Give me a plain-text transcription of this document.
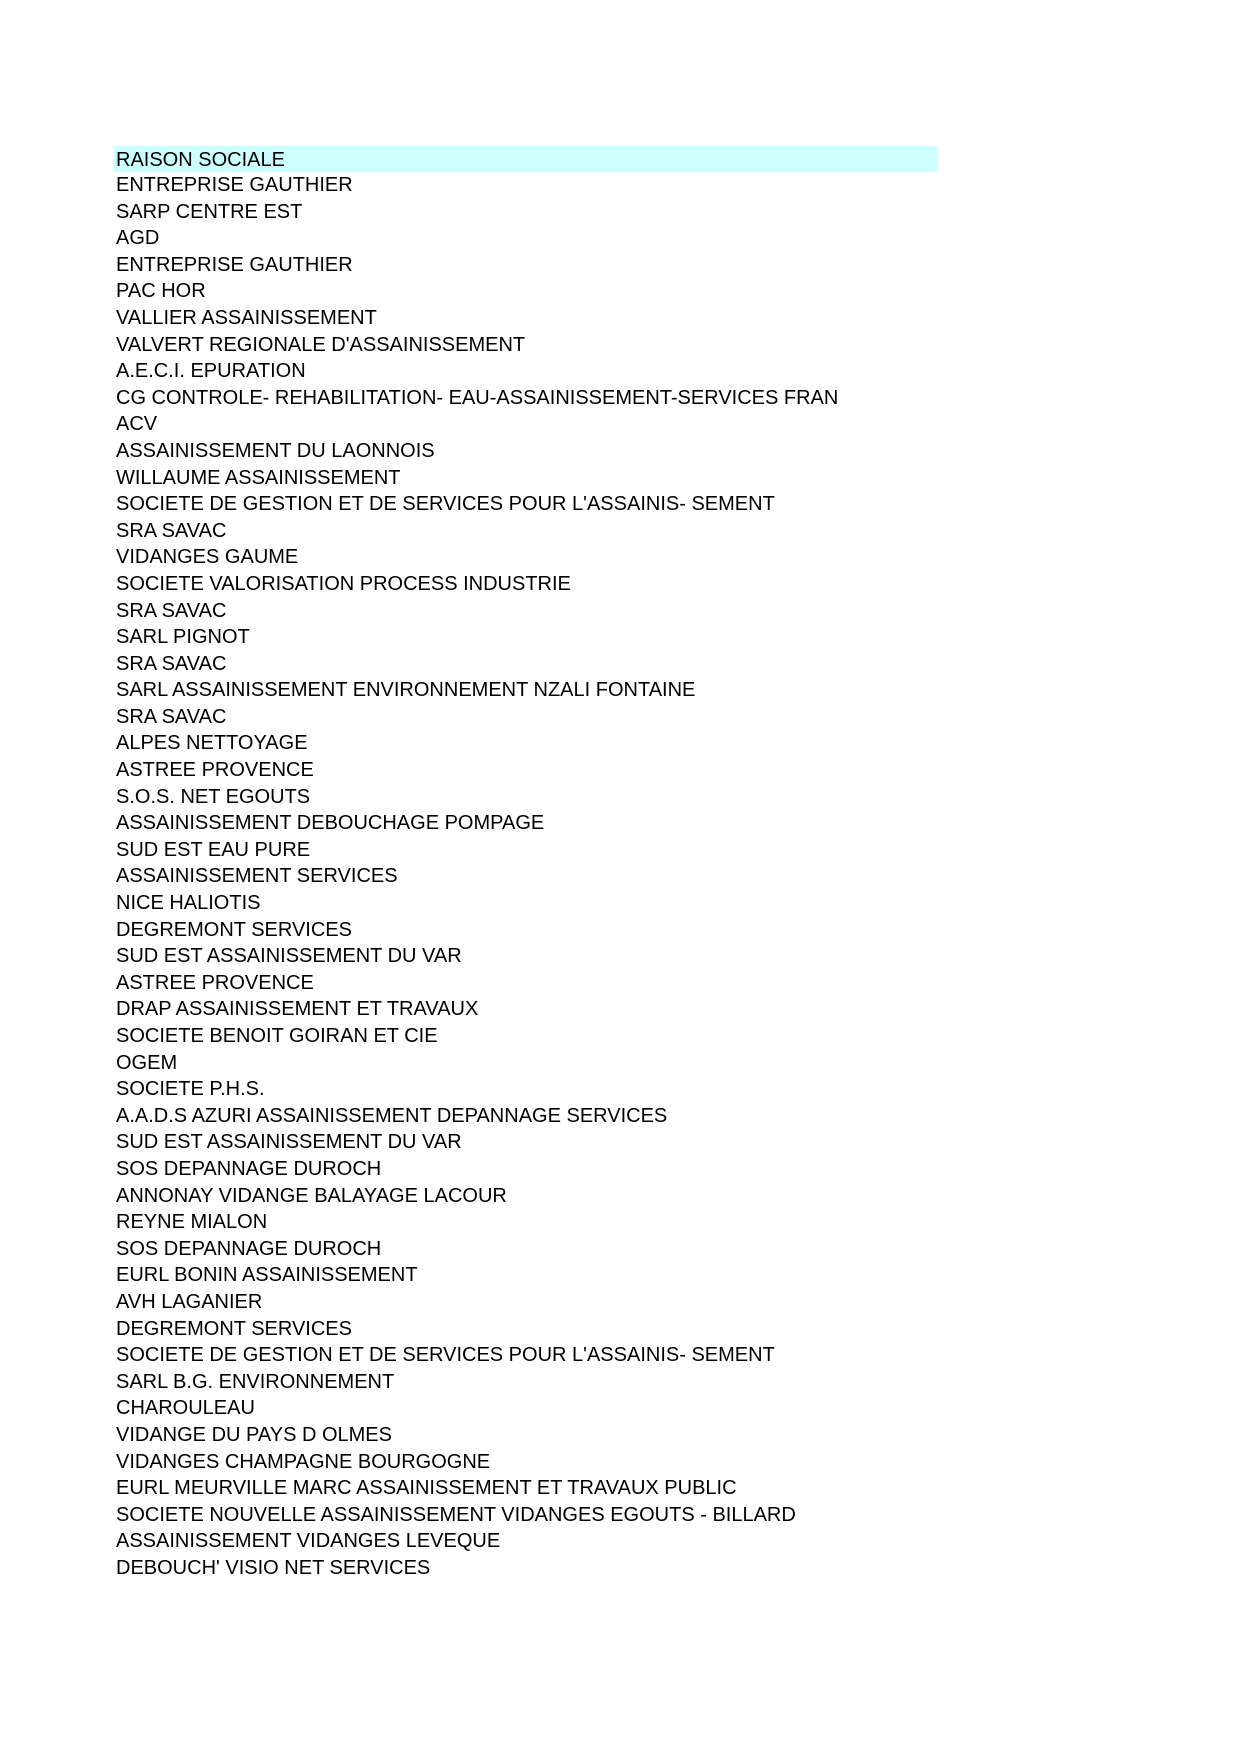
RAISON SOCIALE
ENTREPRISE GAUTHIER
SARP CENTRE EST
AGD
ENTREPRISE GAUTHIER
PAC HOR
VALLIER ASSAINISSEMENT
VALVERT REGIONALE D'ASSAINISSEMENT
A.E.C.I. EPURATION
CG CONTROLE- REHABILITATION- EAU-ASSAINISSEMENT-SERVICES FRAN
ACV
ASSAINISSEMENT DU LAONNOIS
WILLAUME ASSAINISSEMENT
SOCIETE DE GESTION ET DE SERVICES POUR L'ASSAINIS- SEMENT
SRA SAVAC
VIDANGES GAUME
SOCIETE VALORISATION PROCESS INDUSTRIE
SRA SAVAC
SARL PIGNOT
SRA SAVAC
SARL ASSAINISSEMENT ENVIRONNEMENT NZALI FONTAINE
SRA SAVAC
ALPES NETTOYAGE
ASTREE PROVENCE
S.O.S. NET EGOUTS
ASSAINISSEMENT DEBOUCHAGE POMPAGE
SUD EST EAU PURE
ASSAINISSEMENT SERVICES
NICE HALIOTIS
DEGREMONT SERVICES
SUD EST ASSAINISSEMENT DU VAR
ASTREE PROVENCE
DRAP ASSAINISSEMENT ET TRAVAUX
SOCIETE BENOIT GOIRAN ET CIE
OGEM
SOCIETE P.H.S.
A.A.D.S AZURI ASSAINISSEMENT DEPANNAGE SERVICES
SUD EST ASSAINISSEMENT DU VAR
SOS DEPANNAGE DUROCH
ANNONAY VIDANGE BALAYAGE LACOUR
REYNE MIALON
SOS DEPANNAGE DUROCH
EURL BONIN ASSAINISSEMENT
AVH LAGANIER
DEGREMONT SERVICES
SOCIETE DE GESTION ET DE SERVICES POUR L'ASSAINIS- SEMENT
SARL B.G. ENVIRONNEMENT
CHAROULEAU
VIDANGE DU PAYS D OLMES
VIDANGES CHAMPAGNE BOURGOGNE
EURL MEURVILLE MARC ASSAINISSEMENT ET TRAVAUX PUBLIC
SOCIETE NOUVELLE ASSAINISSEMENT VIDANGES EGOUTS - BILLARD
ASSAINISSEMENT VIDANGES LEVEQUE
DEBOUCH' VISIO NET SERVICES
